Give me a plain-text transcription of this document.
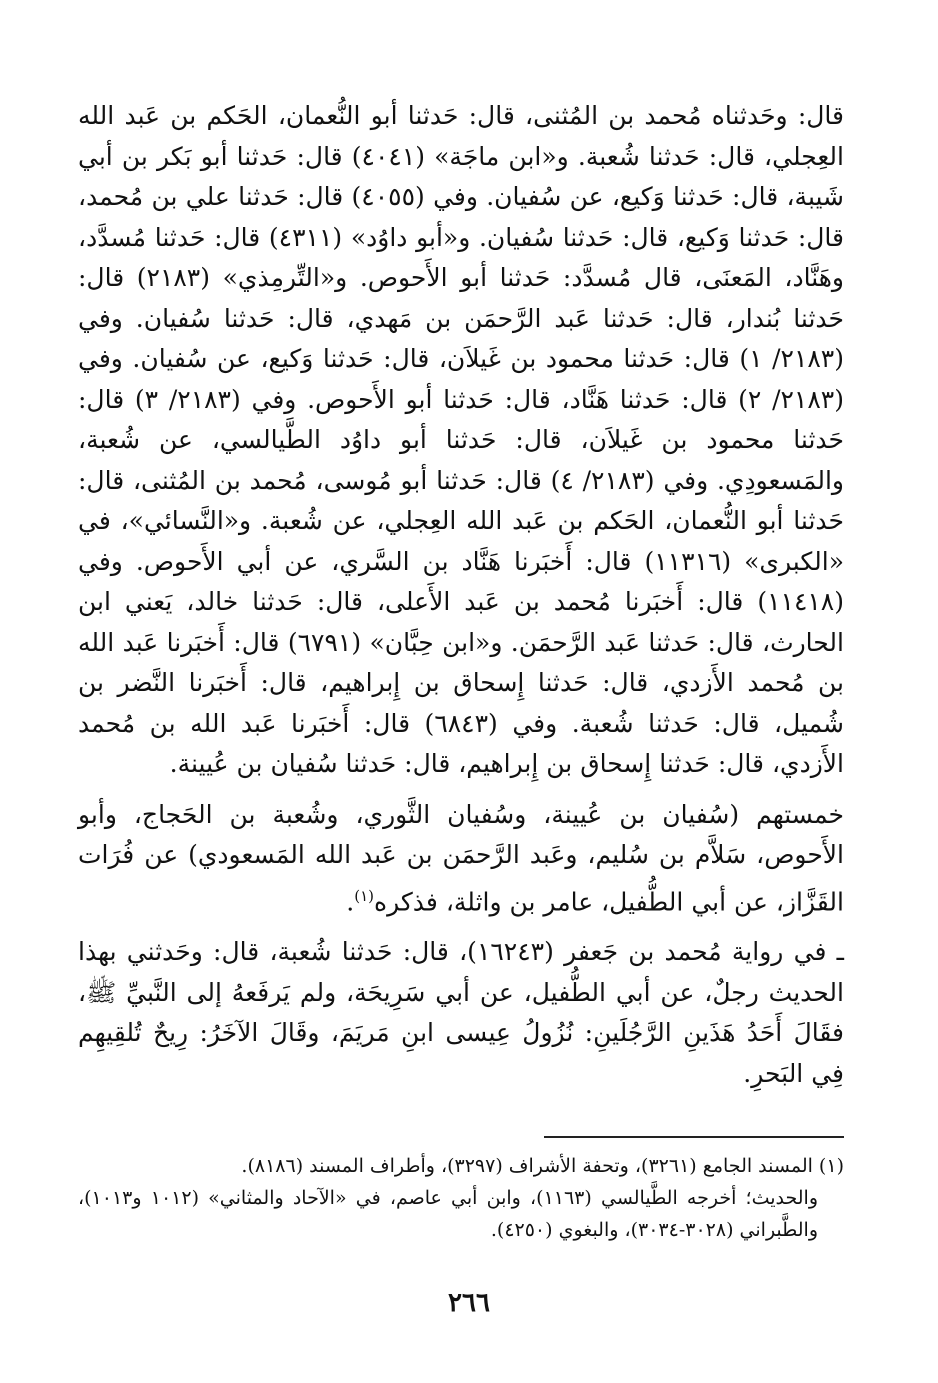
قال: وحَدثناه مُحمد بن المُثنى، قال: حَدثنا أبو النُّعمان، الحَكم بن عَبد الله العِجلي، قال: حَدثنا شُعبة. و«ابن ماجَة» (٤٠٤١) قال: حَدثنا أبو بَكر بن أبي شَيبة، قال: حَدثنا وَكيع، عن سُفيان. وفي (٤٠٥٥) قال: حَدثنا علي بن مُحمد، قال: حَدثنا وَكيع، قال: حَدثنا سُفيان. و«أبو داوُد» (٤٣١١) قال: حَدثنا مُسدَّد، وهَنَّاد، المَعنَى، قال مُسدَّد: حَدثنا أبو الأَحوص. و«التِّرمِذي» (٢١٨٣) قال: حَدثنا بُندار، قال: حَدثنا عَبد الرَّحمَن بن مَهدي، قال: حَدثنا سُفيان. وفي (٢١٨٣/ ١) قال: حَدثنا محمود بن غَيلاَن، قال: حَدثنا وَكيع، عن سُفيان. وفي (٢١٨٣/ ٢) قال: حَدثنا هَنَّاد، قال: حَدثنا أبو الأَحوص. وفي (٢١٨٣/ ٣) قال: حَدثنا محمود بن غَيلاَن، قال: حَدثنا أبو داوُد الطَّيالسي، عن شُعبة، والمَسعودِي. وفي (٢١٨٣/ ٤) قال: حَدثنا أبو مُوسى، مُحمد بن المُثنى، قال: حَدثنا أبو النُّعمان، الحَكم بن عَبد الله العِجلي، عن شُعبة. و«النَّسائي»، في «الكبرى» (١١٣١٦) قال: أَخبَرنا هَنَّاد بن السَّري، عن أبي الأَحوص. وفي (١١٤١٨) قال: أَخبَرنا مُحمد بن عَبد الأَعلى، قال: حَدثنا خالد، يَعني ابن الحارث، قال: حَدثنا عَبد الرَّحمَن. و«ابن حِبَّان» (٦٧٩١) قال: أَخبَرنا عَبد الله بن مُحمد الأَزدي، قال: حَدثنا إِسحاق بن إِبراهيم، قال: أَخبَرنا النَّضر بن شُميل، قال: حَدثنا شُعبة. وفي (٦٨٤٣) قال: أَخبَرنا عَبد الله بن مُحمد الأَزدي، قال: حَدثنا إِسحاق بن إِبراهيم، قال: حَدثنا سُفيان بن عُيينة.

خمستهم (سُفيان بن عُيينة، وسُفيان الثَّوري، وشُعبة بن الحَجاج، وأبو الأَحوص، سَلاَّم بن سُليم، وعَبد الرَّحمَن بن عَبد الله المَسعودي) عن فُرَات القَزَّاز، عن أبي الطُّفيل، عامر بن واثلة، فذكره$^{(١)}$.

ـ في رواية مُحمد بن جَعفر (١٦٢٤٣)، قال: حَدثنا شُعبة، قال: وحَدثني بهذا الحديث رجلٌ، عن أبي الطُّفيل، عن أبي سَرِيحَة، ولم يَرفَعهُ إلى النَّبيِّ ﷺ، فقَالَ أَحَدُ هَذَينِ الرَّجُلَينِ: نُزُولُ عِيسى ابنِ مَريَمَ، وقَالَ الآخَرُ: رِيحٌ تُلقِيهِم فِي البَحرِ.

(١) المسند الجامع (٣٢٦١)، وتحفة الأشراف (٣٢٩٧)، وأطراف المسند (٨١٨٦).

والحديث؛ أخرجه الطَّيالسي (١١٦٣)، وابن أبي عاصم، في «الآحاد والمثاني» (١٠١٢ و١٠١٣)، والطَّبراني (٣٠٢٨-٣٠٣٤)، والبغوي (٤٢٥٠).

٢٦٦
